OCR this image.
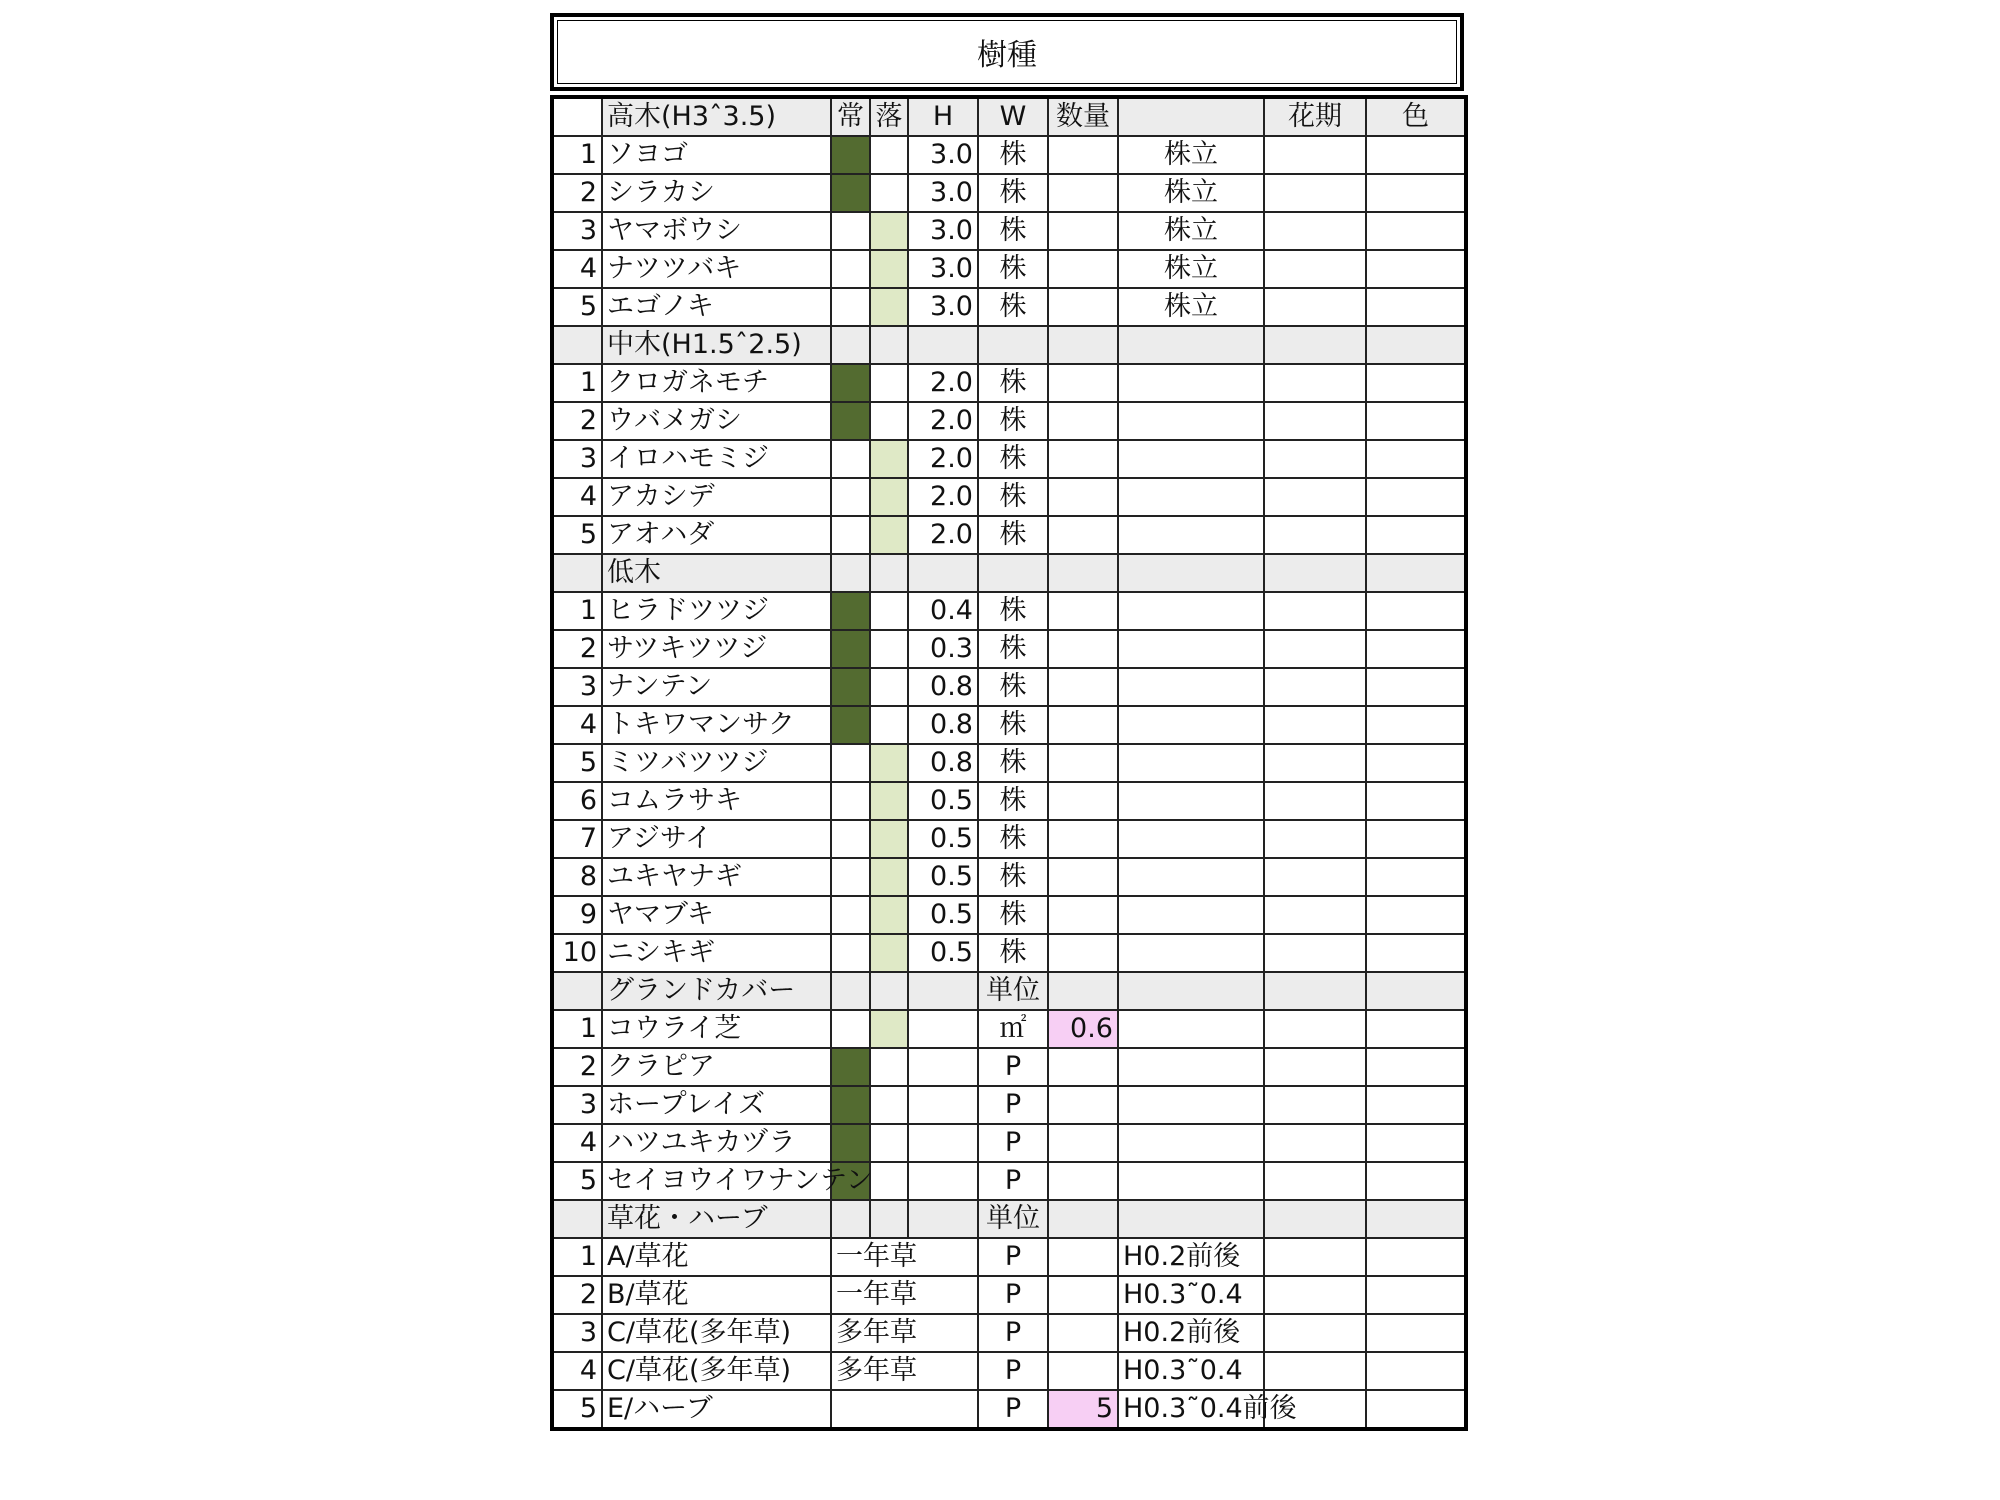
樹種
	高木(H3ˆ3.5)	常	落	H	W	数量		花期	色
1	ソヨゴ			3.0	株		株立		
2	シラカシ			3.0	株		株立		
3	ヤマボウシ			3.0	株		株立		
4	ナツツバキ			3.0	株		株立		
5	エゴノキ			3.0	株		株立		
	中木(H1.5ˆ2.5)								
1	クロガネモチ			2.0	株				
2	ウバメガシ			2.0	株				
3	イロハモミジ			2.0	株				
4	アカシデ			2.0	株				
5	アオハダ			2.0	株				
	低木								
1	ヒラドツツジ			0.4	株				
2	サツキツツジ			0.3	株				
3	ナンテン			0.8	株				
4	トキワマンサク			0.8	株				
5	ミツバツツジ			0.8	株				
6	コムラサキ			0.5	株				
7	アジサイ			0.5	株				
8	ユキヤナギ			0.5	株				
9	ヤマブキ			0.5	株				
10	ニシキギ			0.5	株				
	グランドカバー				単位				
1	コウライ芝				㎡	0.6			
2	クラピア				P				
3	ホープレイズ				P				
4	ハツユキカヅラ				P				
5	セイヨウイワナンテン				P				
	草花・ハーブ				単位				
1	A/草花	一年草			P		H0.2前後		
2	B/草花	一年草			P		H0.3˜0.4		
3	C/草花(多年草)	多年草			P		H0.2前後		
4	C/草花(多年草)	多年草			P		H0.3˜0.4		
5	E/ハーブ				P	5	H0.3˜0.4前後		
